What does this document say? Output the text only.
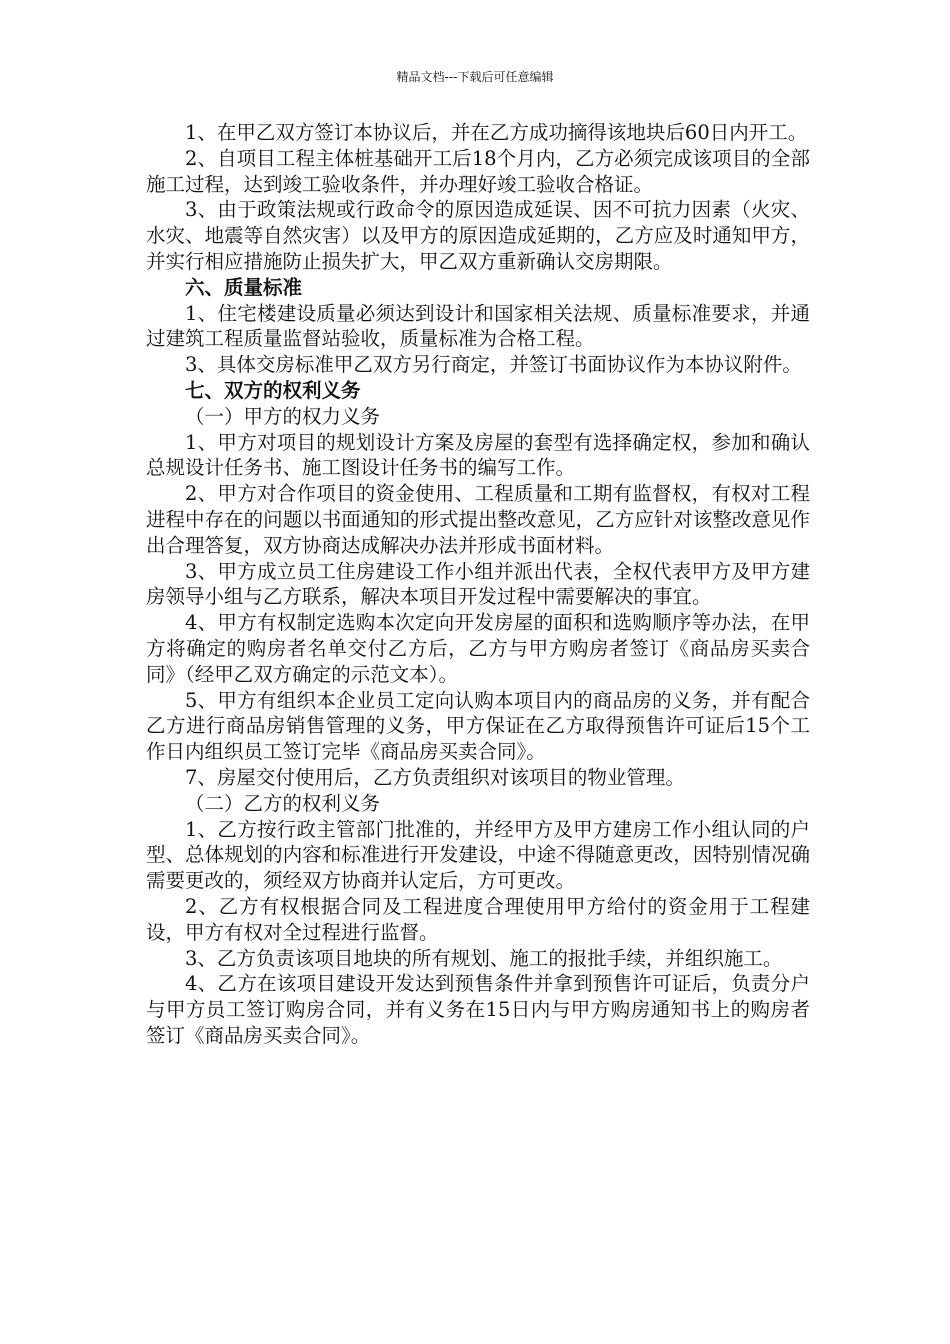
精品文档---下载后可任意编辑

1、在甲乙双方签订本协议后，并在乙方成功摘得该地块后60日内开工。

2、自项目工程主体桩基础开工后18个月内，乙方必须完成该项目的全部施工过程，达到竣工验收条件，并办理好竣工验收合格证。

3、由于政策法规或行政命令的原因造成延误、因不可抗力因素（火灾、水灾、地震等自然灾害）以及甲方的原因造成延期的，乙方应及时通知甲方，并实行相应措施防止损失扩大，甲乙双方重新确认交房期限。

六、质量标准

1、住宅楼建设质量必须达到设计和国家相关法规、质量标准要求，并通过建筑工程质量监督站验收，质量标准为合格工程。

3、具体交房标准甲乙双方另行商定，并签订书面协议作为本协议附件。

七、双方的权利义务

（一）甲方的权力义务

1、甲方对项目的规划设计方案及房屋的套型有选择确定权，参加和确认总规设计任务书、施工图设计任务书的编写工作。

2、甲方对合作项目的资金使用、工程质量和工期有监督权，有权对工程进程中存在的问题以书面通知的形式提出整改意见，乙方应针对该整改意见作出合理答复，双方协商达成解决办法并形成书面材料。

3、甲方成立员工住房建设工作小组并派出代表，全权代表甲方及甲方建房领导小组与乙方联系，解决本项目开发过程中需要解决的事宜。

4、甲方有权制定选购本次定向开发房屋的面积和选购顺序等办法，在甲方将确定的购房者名单交付乙方后，乙方与甲方购房者签订《商品房买卖合同》（经甲乙双方确定的示范文本）。

5、甲方有组织本企业员工定向认购本项目内的商品房的义务，并有配合乙方进行商品房销售管理的义务，甲方保证在乙方取得预售许可证后15个工作日内组织员工签订完毕《商品房买卖合同》。

7、房屋交付使用后，乙方负责组织对该项目的物业管理。

（二）乙方的权利义务

1、乙方按行政主管部门批准的，并经甲方及甲方建房工作小组认同的户型、总体规划的内容和标准进行开发建设，中途不得随意更改，因特别情况确需要更改的，须经双方协商并认定后，方可更改。

2、乙方有权根据合同及工程进度合理使用甲方给付的资金用于工程建设，甲方有权对全过程进行监督。

3、乙方负责该项目地块的所有规划、施工的报批手续，并组织施工。

4、乙方在该项目建设开发达到预售条件并拿到预售许可证后，负责分户与甲方员工签订购房合同，并有义务在15日内与甲方购房通知书上的购房者签订《商品房买卖合同》。
